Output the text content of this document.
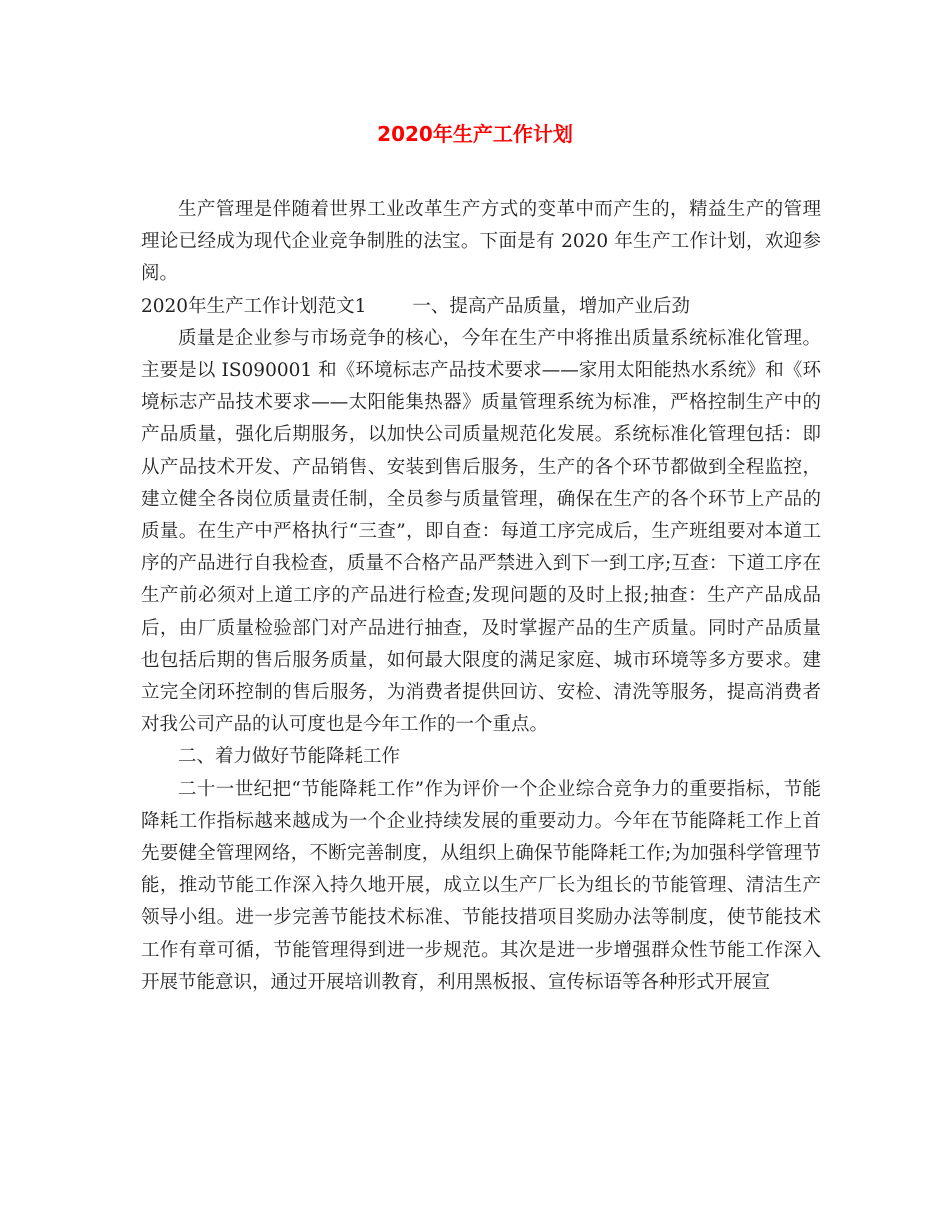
2020年生产工作计划

生产管理是伴随着世界工业改革生产方式的变革中而产生的，精益生产的管理理论已经成为现代企业竞争制胜的法宝。下面是有 2020 年生产工作计划，欢迎参阅。

2020年生产工作计划范文1 一、提高产品质量，增加产业后劲

质量是企业参与市场竞争的核心，今年在生产中将推出质量系统标准化管理。主要是以 IS090001 和《环境标志产品技术要求——家用太阳能热水系统》和《环境标志产品技术要求——太阳能集热器》质量管理系统为标准，严格控制生产中的产品质量，强化后期服务，以加快公司质量规范化发展。系统标准化管理包括：即从产品技术开发、产品销售、安装到售后服务，生产的各个环节都做到全程监控，建立健全各岗位质量责任制，全员参与质量管理，确保在生产的各个环节上产品的质量。在生产中严格执行“三查”，即自查：每道工序完成后，生产班组要对本道工序的产品进行自我检查，质量不合格产品严禁进入到下一到工序;互查：下道工序在生产前必须对上道工序的产品进行检查;发现问题的及时上报;抽查：生产产品成品后，由厂质量检验部门对产品进行抽查，及时掌握产品的生产质量。同时产品质量也包括后期的售后服务质量，如何最大限度的满足家庭、城市环境等多方要求。建立完全闭环控制的售后服务，为消费者提供回访、安检、清洗等服务，提高消费者对我公司产品的认可度也是今年工作的一个重点。

二、着力做好节能降耗工作

二十一世纪把“节能降耗工作”作为评价一个企业综合竞争力的重要指标，节能降耗工作指标越来越成为一个企业持续发展的重要动力。今年在节能降耗工作上首先要健全管理网络，不断完善制度，从组织上确保节能降耗工作;为加强科学管理节能，推动节能工作深入持久地开展，成立以生产厂长为组长的节能管理、清洁生产领导小组。进一步完善节能技术标准、节能技措项目奖励办法等制度，使节能技术工作有章可循，节能管理得到进一步规范。其次是进一步增强群众性节能工作深入开展节能意识，通过开展培训教育，利用黑板报、宣传标语等各种形式开展宣
